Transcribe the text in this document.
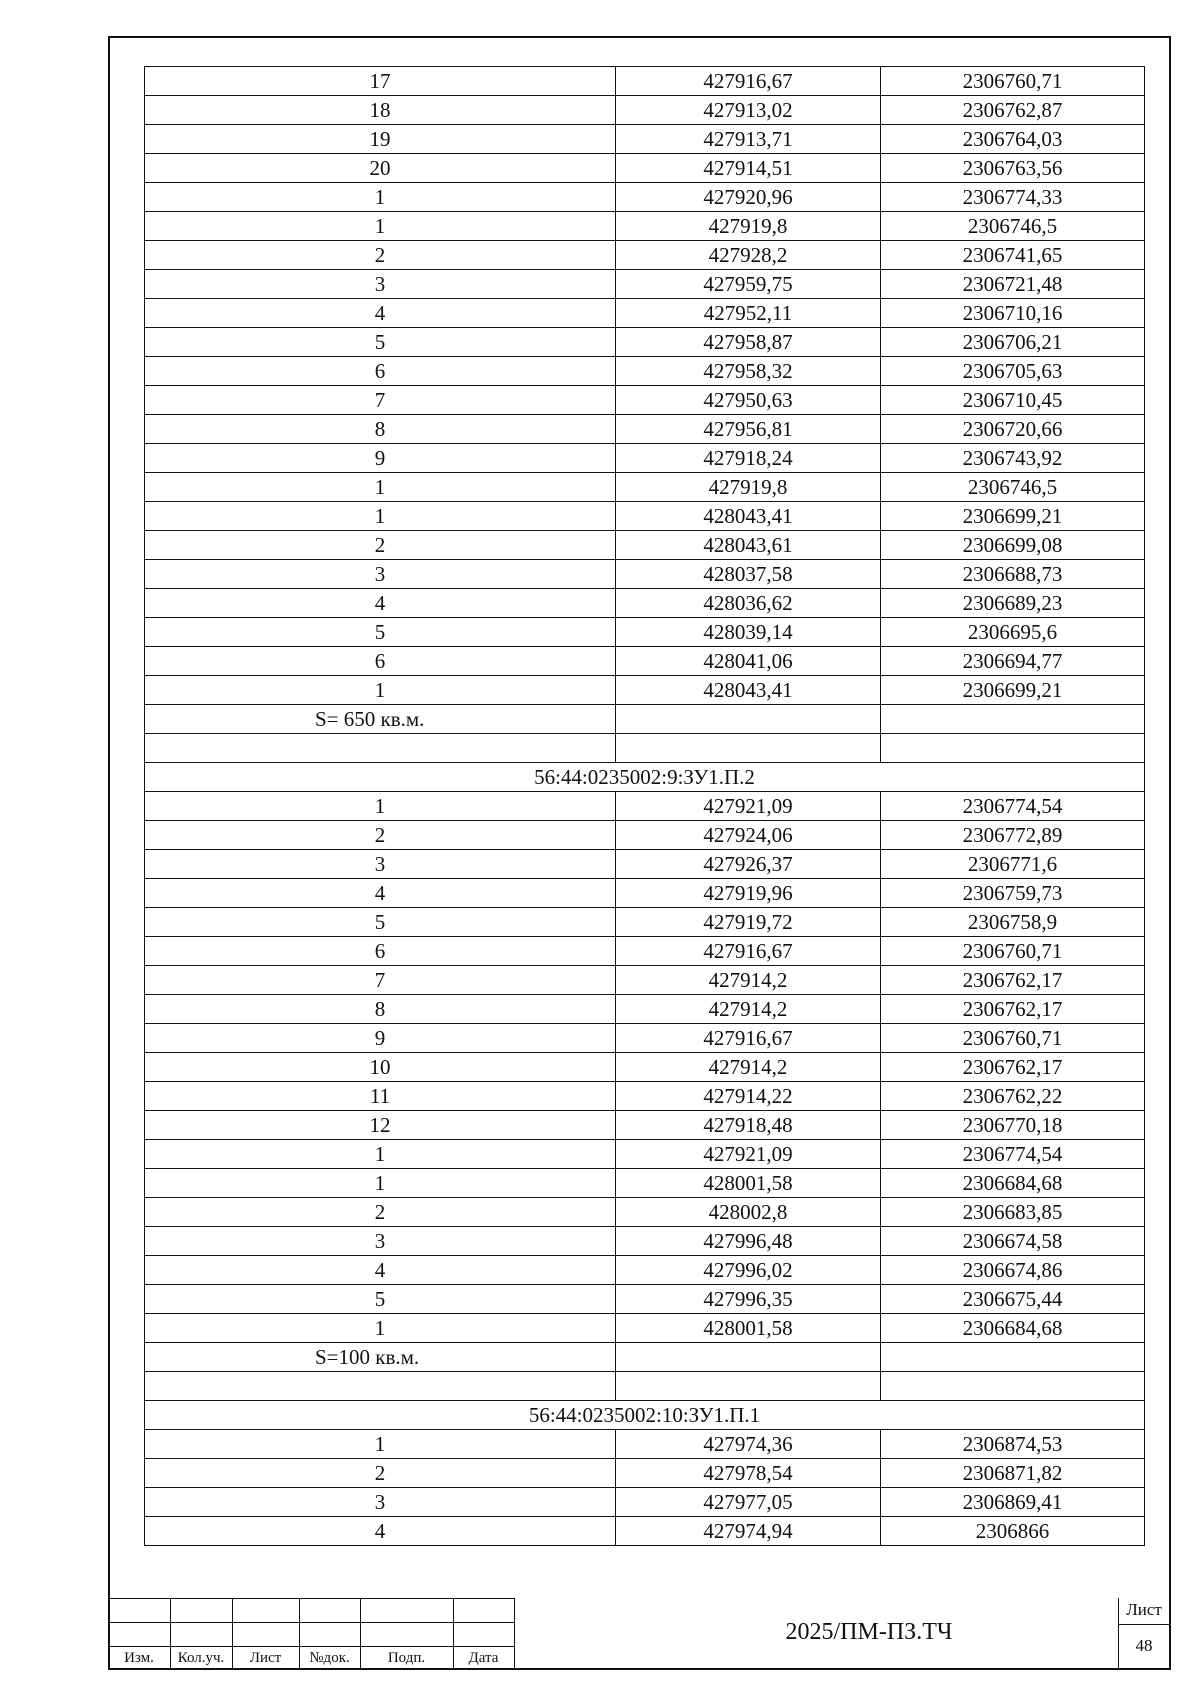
17	427916,67	2306760,71
18	427913,02	2306762,87
19	427913,71	2306764,03
20	427914,51	2306763,56
1	427920,96	2306774,33
1	427919,8	2306746,5
2	427928,2	2306741,65
3	427959,75	2306721,48
4	427952,11	2306710,16
5	427958,87	2306706,21
6	427958,32	2306705,63
7	427950,63	2306710,45
8	427956,81	2306720,66
9	427918,24	2306743,92
1	427919,8	2306746,5
1	428043,41	2306699,21
2	428043,61	2306699,08
3	428037,58	2306688,73
4	428036,62	2306689,23
5	428039,14	2306695,6
6	428041,06	2306694,77
1	428043,41	2306699,21
S= 650 кв.м.		

56:44:0235002:9:ЗУ1.П.2		
1	427921,09	2306774,54
2	427924,06	2306772,89
3	427926,37	2306771,6
4	427919,96	2306759,73
5	427919,72	2306758,9
6	427916,67	2306760,71
7	427914,2	2306762,17
8	427914,2	2306762,17
9	427916,67	2306760,71
10	427914,2	2306762,17
11	427914,22	2306762,22
12	427918,48	2306770,18
1	427921,09	2306774,54
1	428001,58	2306684,68
2	428002,8	2306683,85
3	427996,48	2306674,58
4	427996,02	2306674,86
5	427996,35	2306675,44
1	428001,58	2306684,68
S=100 кв.м.		

56:44:0235002:10:ЗУ1.П.1		
1	427974,36	2306874,53
2	427978,54	2306871,82
3	427977,05	2306869,41
4	427974,94	2306866
Изм.	Кол.уч.	Лист	№док.	Подп.	Дата
2025/ПМ-ПЗ.ТЧ
Лист
48
